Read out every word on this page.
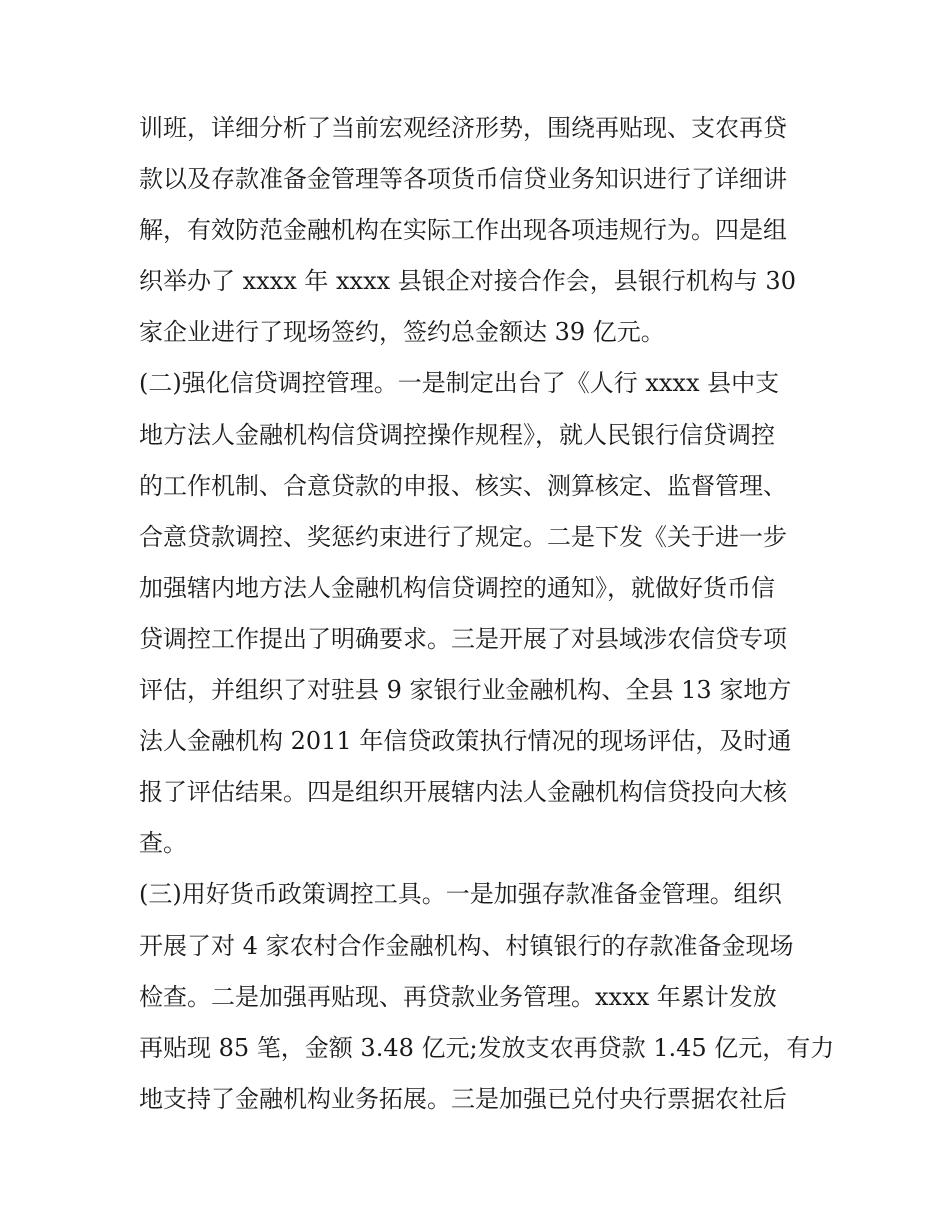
训班，详细分析了当前宏观经济形势，围绕再贴现、支农再贷
款以及存款准备金管理等各项货币信贷业务知识进行了详细讲
解，有效防范金融机构在实际工作出现各项违规行为。四是组
织举办了 xxxx 年 xxxx 县银企对接合作会，县银行机构与 30
家企业进行了现场签约，签约总金额达 39 亿元。
(二)强化信贷调控管理。一是制定出台了《人行 xxxx 县中支
地方法人金融机构信贷调控操作规程》，就人民银行信贷调控
的工作机制、合意贷款的申报、核实、测算核定、监督管理、
合意贷款调控、奖惩约束进行了规定。二是下发《关于进一步
加强辖内地方法人金融机构信贷调控的通知》，就做好货币信
贷调控工作提出了明确要求。三是开展了对县域涉农信贷专项
评估，并组织了对驻县 9 家银行业金融机构、全县 13 家地方
法人金融机构 2011 年信贷政策执行情况的现场评估，及时通
报了评估结果。四是组织开展辖内法人金融机构信贷投向大核
查。
(三)用好货币政策调控工具。一是加强存款准备金管理。组织
开展了对 4 家农村合作金融机构、村镇银行的存款准备金现场
检查。二是加强再贴现、再贷款业务管理。xxxx 年累计发放
再贴现 85 笔，金额 3.48 亿元;发放支农再贷款 1.45 亿元，有力
地支持了金融机构业务拓展。三是加强已兑付央行票据农社后
